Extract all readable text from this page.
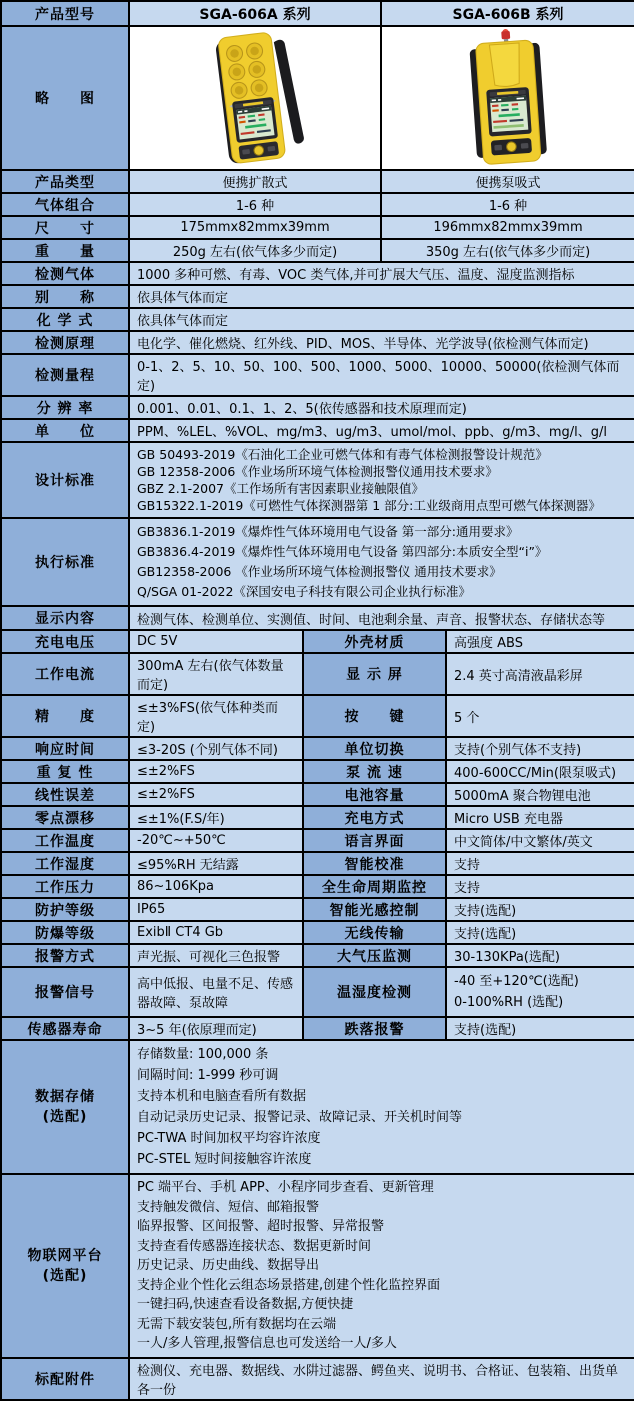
产品型号	SGA-606A 系列		SGA-606B 系列	
略　　图		
产品类型	便携扩散式		便携泵吸式	
气体组合	1-6 种		1-6 种	
尺　　寸	175mmx82mmx39mm		196mmx82mmx39mm	
重　　量	250g 左右(依气体多少而定)		350g 左右(依气体多少而定)	
检测气体	1000 多种可燃、有毒、VOC 类气体,并可扩展大气压、温度、湿度监测指标			
别　　称	依具体气体而定			
化 学 式	依具体气体而定			
检测原理	电化学、催化燃烧、红外线、PID、MOS、半导体、光学波导(依检测气体而定)			
检测量程	0-1、2、5、10、50、100、500、1000、5000、10000、50000(依检测气体而定)			
分 辨 率	0.001、0.01、0.1、1、2、5(依传感器和技术原理而定)			
单　　位	PPM、%LEL、%VOL、mg/m3、ug/m3、umol/mol、ppb、g/m3、mg/l、g/l			
设计标准	GB 50493-2019《石油化工企业可燃气体和有毒气体检测报警设计规范》
GB 12358-2006《作业场所环境气体检测报警仪通用技术要求》
GBZ 2.1-2007《工作场所有害因素职业接触限值》
GB15322.1-2019《可燃性气体探测器第 1 部分:工业级商用点型可燃气体探测器》			

执行标准	GB3836.1-2019《爆炸性气体环境用电气设备 第一部分:通用要求》
GB3836.4-2019《爆炸性气体环境用电气设备 第四部分:本质安全型“i”》
GB12358-2006 《作业场所环境气体检测报警仪 通用技术要求》
Q/SGA 01-2022《深国安电子科技有限公司企业执行标准》			

显示内容	检测气体、检测单位、实测值、时间、电池剩余量、声音、报警状态、存储状态等			
充电电压	DC 5V	外壳材质		高强度 ABS
工作电流	300mA 左右(依气体数量而定)	显 示 屏		2.4 英寸高清液晶彩屏
精　　度	≤±3%FS(依气体种类而定)	按　　键		5 个
响应时间	≤3-20S (个别气体不同)	单位切换		支持(个别气体不支持)
重 复 性	≤±2%FS	泵 流 速		400-600CC/Min(限泵吸式)
线性误差	≤±2%FS	电池容量		5000mA 聚合物锂电池
零点漂移	≤±1%(F.S/年)	充电方式		Micro USB 充电器
工作温度	-20℃~+50℃	语言界面		中文简体/中文繁体/英文
工作湿度	≤95%RH 无结露	智能校准		支持
工作压力	86~106Kpa	全生命周期监控		支持
防护等级	IP65	智能光感控制		支持(选配)
防爆等级	ExibⅡ CT4 Gb	无线传输		支持(选配)
报警方式	声光振、可视化三色报警	大气压监测		30-130KPa(选配)
报警信号	高中低报、电量不足、传感器故障、泵故障	温湿度检测		-40 至+120℃(选配)
0-100%RH (选配)

传感器寿命	3~5 年(依原理而定)	跌落报警		支持(选配)

数据存储
(选配)

存储数量: 100,000 条
间隔时间: 1-999 秒可调
支持本机和电脑查看所有数据
自动记录历史记录、报警记录、故障记录、开关机时间等
PC-TWA 时间加权平均容许浓度
PC-STEL 短时间接触容许浓度

物联网平台
(选配)

PC 端平台、手机 APP、小程序同步查看、更新管理
支持触发微信、短信、邮箱报警
临界报警、区间报警、超时报警、异常报警
支持查看传感器连接状态、数据更新时间
历史记录、历史曲线、数据导出
支持企业个性化云组态场景搭建,创建个性化监控界面
一键扫码,快速查看设备数据,方便快捷
无需下载安装包,所有数据均在云端
一人/多人管理,报警信息也可发送给一人/多人

标配附件	检测仪、充电器、数据线、水阱过滤器、鳄鱼夹、说明书、合格证、包装箱、出货单各一份			
